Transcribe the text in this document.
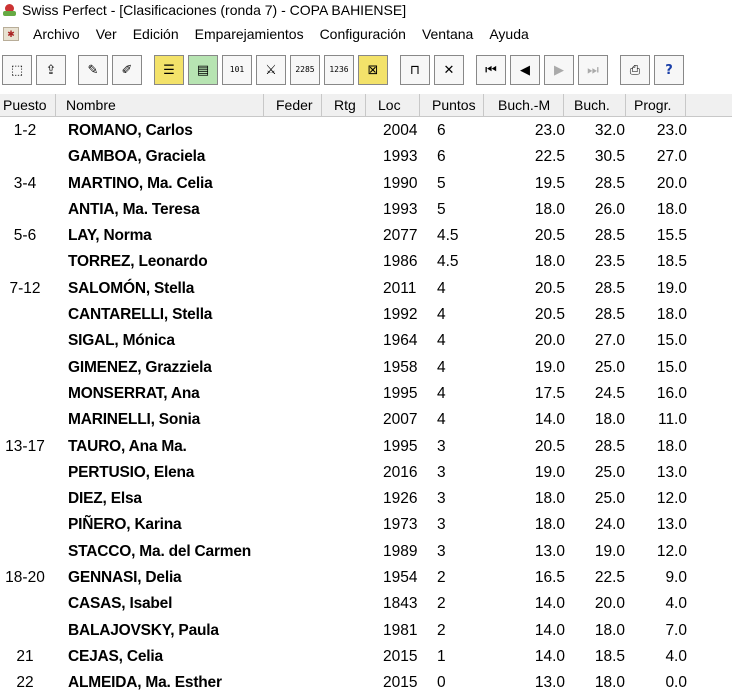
Swiss Perfect - [Clasificaciones (ronda 7) - COPA BAHIENSE]
✱	Archivo	Ver	Edición	Emparejamientos	Configuración	Ventana	Ayuda
⬚	⇪	✎	✐	☰	▤	101	⚔	2285 1236	⊠	⊓	✕	⏮	◀	▶	⏭	⎙	?
Puesto	Nombre	Feder	Rtg	Loc	Puntos	Buch.-M	Buch.	Progr.
1-2	ROMANO, Carlos	2004 6	23.0	32.0	23.0
GAMBOA, Graciela	1993 6	22.5	30.5	27.0
3-4	MARTINO, Ma. Celia	1990 5	19.5	28.5	20.0
ANTIA, Ma. Teresa	1993 5	18.0	26.0	18.0
5-6	LAY, Norma	2077 4.5	20.5	28.5	15.5
TORREZ, Leonardo	1986 4.5	18.0	23.5	18.5
7-12	SALOMÓN, Stella	2011 4	20.5	28.5	19.0
CANTARELLI, Stella	1992 4	20.5	28.5	18.0
SIGAL, Mónica	1964 4	20.0	27.0	15.0
GIMENEZ, Grazziela	1958 4	19.0	25.0	15.0
MONSERRAT, Ana	1995 4	17.5	24.5	16.0
MARINELLI, Sonia	2007 4	14.0	18.0	11.0
13-17	TAURO, Ana Ma.	1995 3	20.5	28.5	18.0
PERTUSIO, Elena	2016 3	19.0	25.0	13.0
DIEZ, Elsa	1926 3	18.0	25.0	12.0
PIÑERO, Karina	1973 3	18.0	24.0	13.0
STACCO, Ma. del Carmen	1989 3	13.0	19.0	12.0
18-20	GENNASI, Delia	1954 2	16.5	22.5	9.0
CASAS, Isabel	1843 2	14.0	20.0	4.0
BALAJOVSKY, Paula	1981 2	14.0	18.0	7.0
21	CEJAS, Celia	2015 1	14.0	18.5	4.0
22	ALMEIDA, Ma. Esther	2015 0	13.0	18.0	0.0
